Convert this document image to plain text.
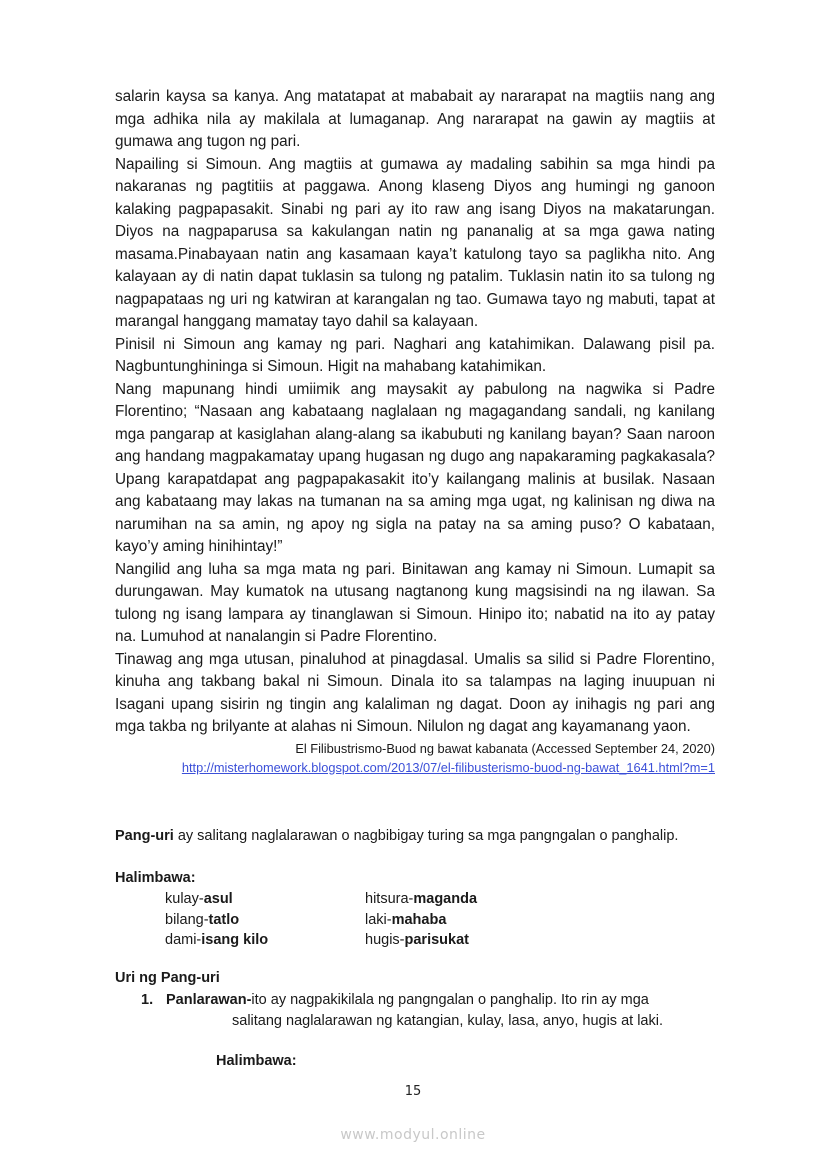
salarin kaysa sa kanya. Ang matatapat at mababait ay nararapat na magtiis nang ang mga adhika nila ay makilala at lumaganap. Ang nararapat na gawin ay magtiis at gumawa ang tugon ng pari.

Napailing si Simoun. Ang magtiis at gumawa ay madaling sabihin sa mga hindi pa nakaranas ng pagtitiis at paggawa. Anong klaseng Diyos ang humingi ng ganoon kalaking pagpapasakit. Sinabi ng pari ay ito raw ang isang Diyos na makatarungan. Diyos na nagpaparusa sa kakulangan natin ng pananalig at sa mga gawa nating masama.Pinabayaan natin ang kasamaan kaya’t katulong tayo sa paglikha nito. Ang kalayaan ay di natin dapat tuklasin sa tulong ng patalim. Tuklasin natin ito sa tulong ng nagpapataas ng uri ng katwiran at karangalan ng tao. Gumawa tayo ng mabuti, tapat at marangal hanggang mamatay tayo dahil sa kalayaan.

Pinisil ni Simoun ang kamay ng pari. Naghari ang katahimikan. Dalawang pisil pa. Nagbuntunghininga si Simoun. Higit na mahabang katahimikan.

Nang mapunang hindi umiimik ang maysakit ay pabulong na nagwika si Padre Florentino; “Nasaan ang kabataang naglalaan ng magagandang sandali, ng kanilang mga pangarap at kasiglahan alang-alang sa ikabubuti ng kanilang bayan? Saan naroon ang handang magpakamatay upang hugasan ng dugo ang napakaraming pagkakasala? Upang karapatdapat ang pagpapakasakit ito’y kailangang malinis at busilak. Nasaan ang kabataang may lakas na tumanan na sa aming mga ugat, ng kalinisan ng diwa na narumihan na sa amin, ng apoy ng sigla na patay na sa aming puso? O kabataan, kayo’y aming hinihintay!”

Nangilid ang luha sa mga mata ng pari. Binitawan ang kamay ni Simoun. Lumapit sa durungawan. May kumatok na utusang nagtanong kung magsisindi na ng ilawan. Sa tulong ng isang lampara ay tinanglawan si Simoun. Hinipo ito; nabatid na ito ay patay na. Lumuhod at nanalangin si Padre Florentino.

Tinawag ang mga utusan, pinaluhod at pinagdasal. Umalis sa silid si Padre Florentino, kinuha ang takbang bakal ni Simoun. Dinala ito sa talampas na laging inuupuan ni Isagani upang sisirin ng tingin ang kalaliman ng dagat. Doon ay inihagis ng pari ang mga takba ng brilyante at alahas ni Simoun. Nilulon ng dagat ang kayamanang yaon.

El Filibustrismo-Buod ng bawat kabanata (Accessed September 24, 2020)

http://misterhomework.blogspot.com/2013/07/el-filibusterismo-buod-ng-bawat_1641.html?m=1

Pang-uri ay salitang naglalarawan o nagbibigay turing sa mga pangngalan o panghalip.
Halimbawa:
kulay-asul	hitsura-maganda
bilang-tatlo	laki-mahaba
dami-isang kilo	hugis-parisukat
Uri ng Pang-uri
1. Panlarawan-ito ay nagpakikilala ng pangngalan o panghalip. Ito rin ay mga
salitang naglalarawan ng katangian, kulay, lasa, anyo, hugis at laki.
Halimbawa:
15
www.modyul.online
